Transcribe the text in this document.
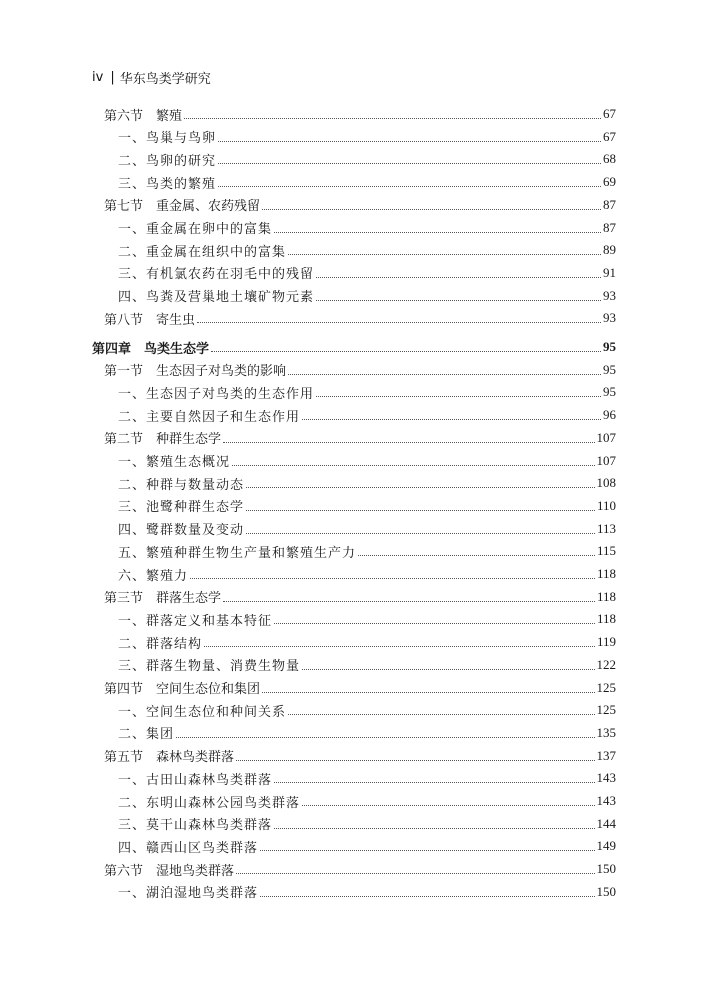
iv | 华东鸟类学研究
第六节　繁殖	67
一、鸟巢与鸟卵	67
二、鸟卵的研究	68
三、鸟类的繁殖	69
第七节　重金属、农药残留	87
一、重金属在卵中的富集	87
二、重金属在组织中的富集	89
三、有机氯农药在羽毛中的残留	91
四、鸟粪及营巢地土壤矿物元素	93
第八节　寄生虫	93
第四章　鸟类生态学	95
第一节　生态因子对鸟类的影响	95
一、生态因子对鸟类的生态作用	95
二、主要自然因子和生态作用	96
第二节　种群生态学	107
一、繁殖生态概况	107
二、种群与数量动态	108
三、池鹭种群生态学	110
四、鹭群数量及变动	113
五、繁殖种群生物生产量和繁殖生产力	115
六、繁殖力	118
第三节　群落生态学	118
一、群落定义和基本特征	118
二、群落结构	119
三、群落生物量、消费生物量	122
第四节　空间生态位和集团	125
一、空间生态位和种间关系	125
二、集团	135
第五节　森林鸟类群落	137
一、古田山森林鸟类群落	143
二、东明山森林公园鸟类群落	143
三、莫干山森林鸟类群落	144
四、赣西山区鸟类群落	149
第六节　湿地鸟类群落	150
一、湖泊湿地鸟类群落	150
